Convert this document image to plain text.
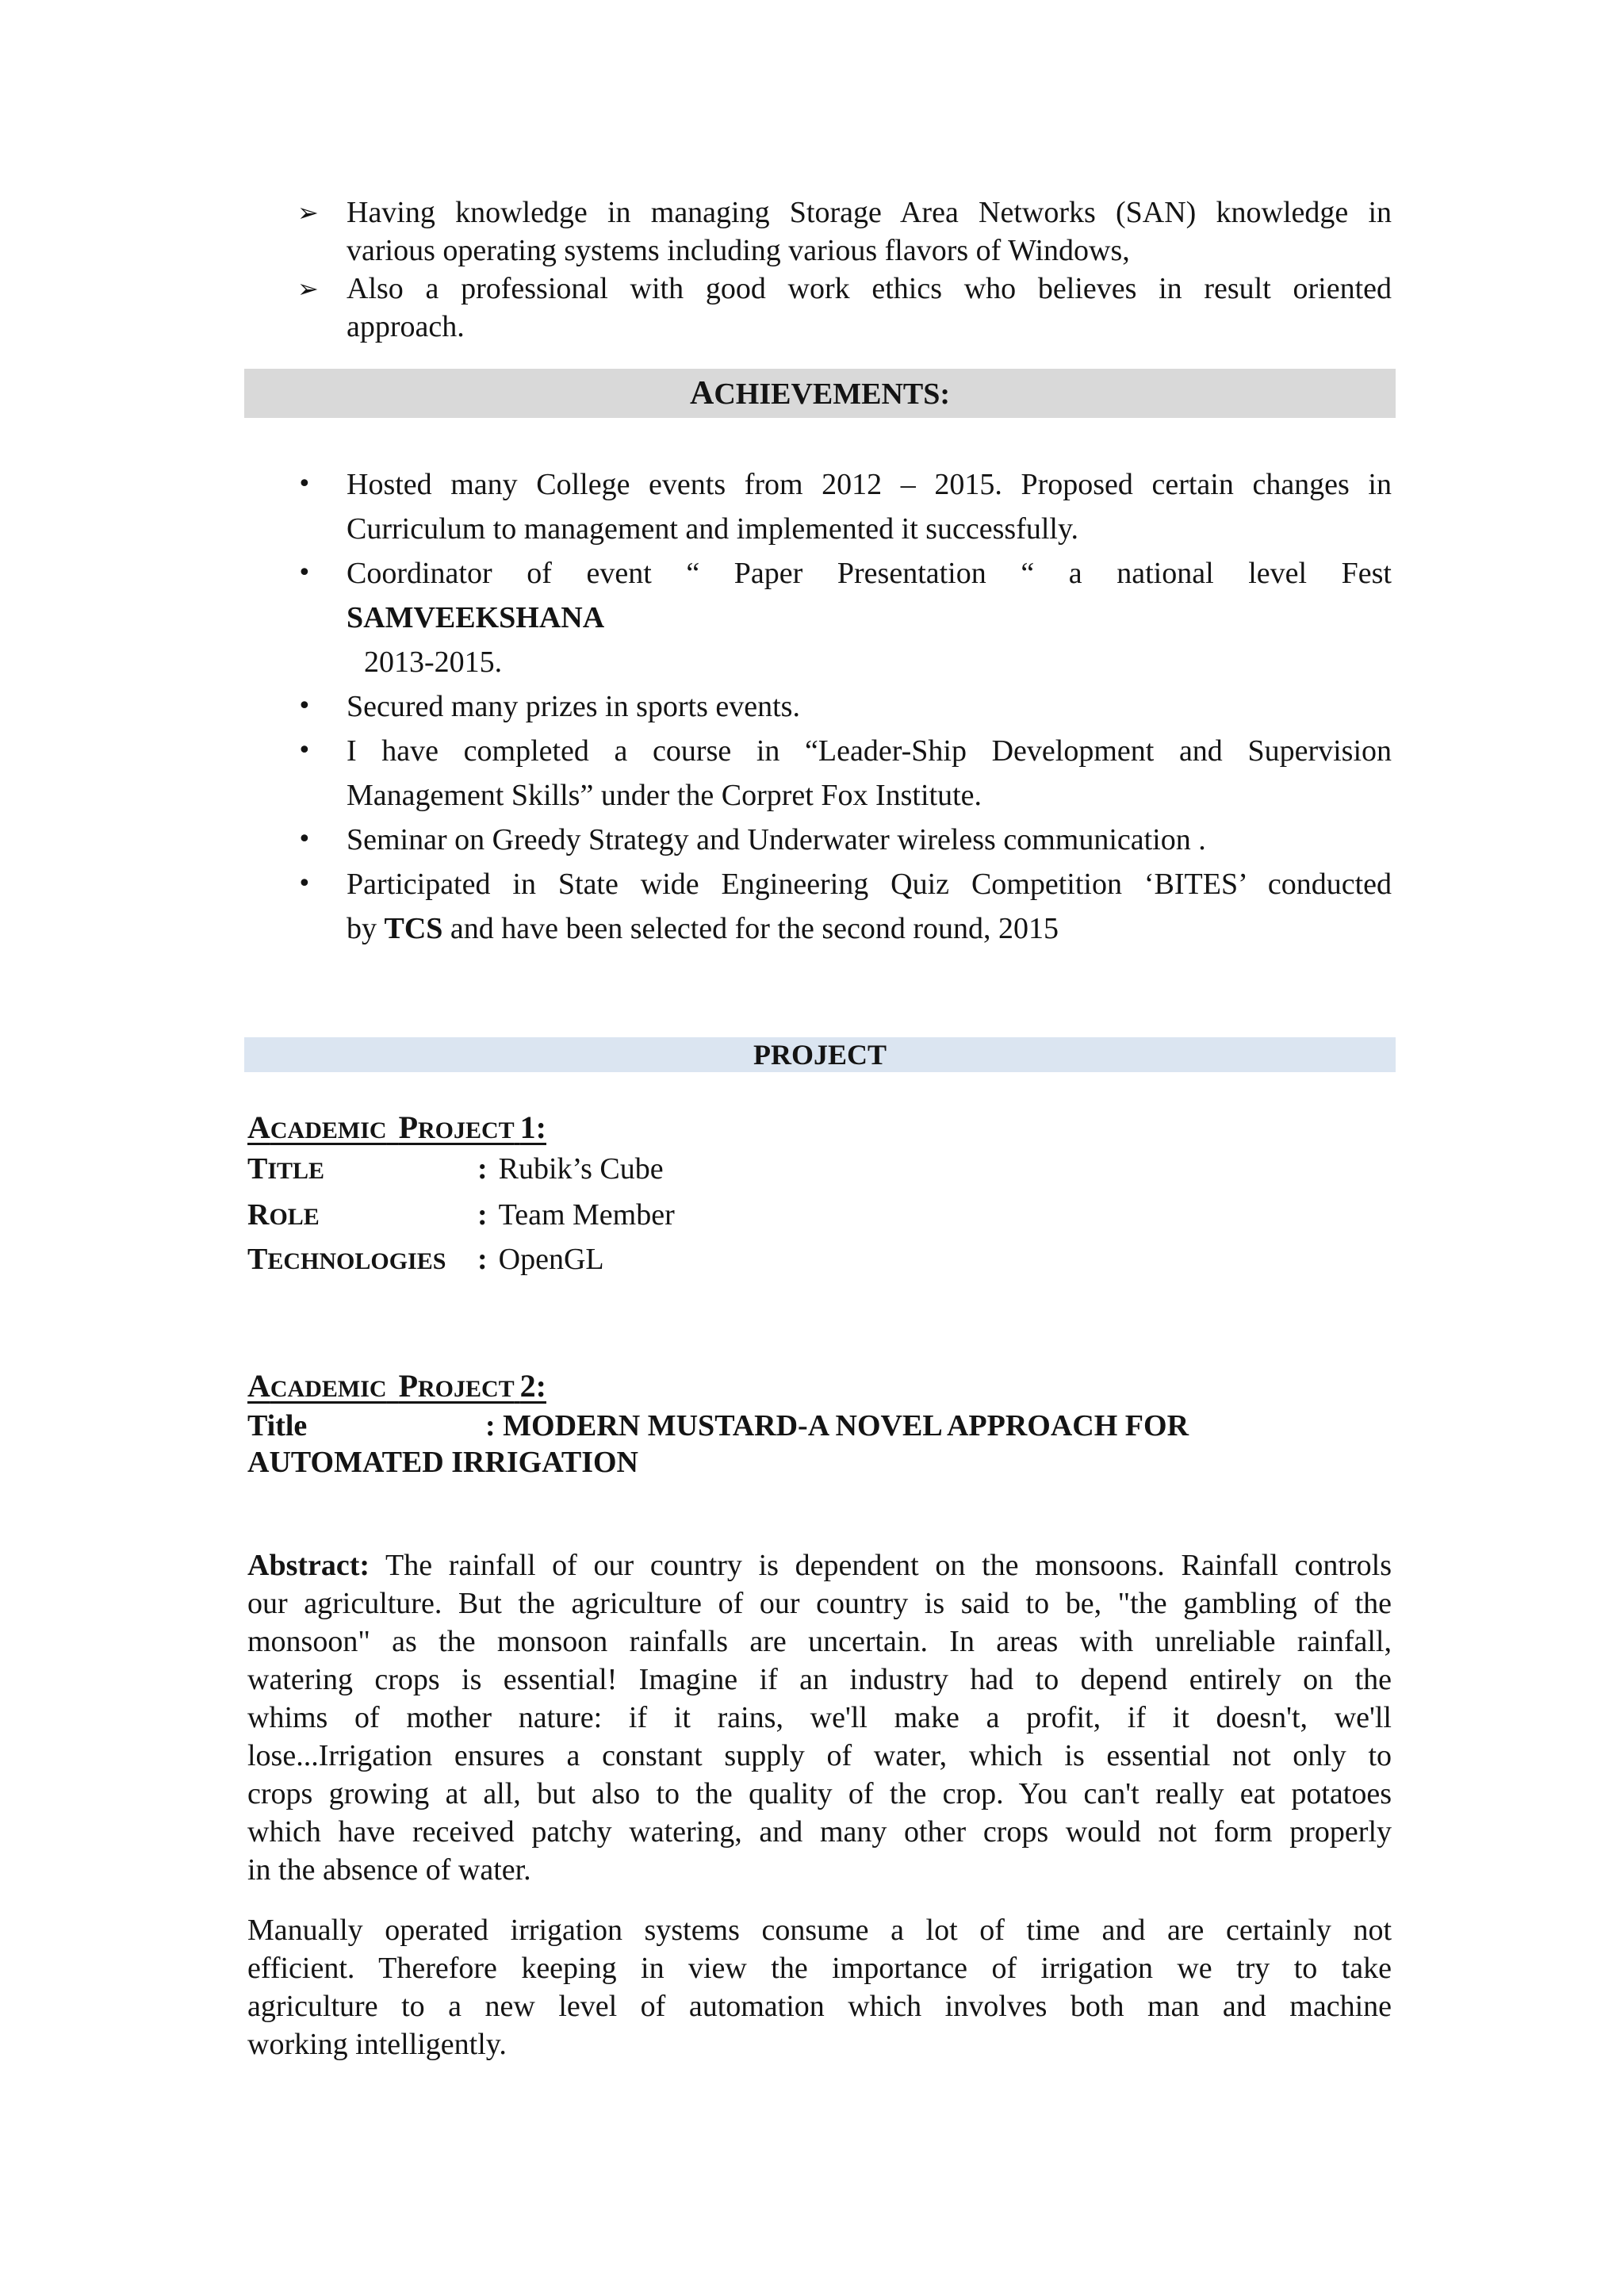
➢ Having knowledge in managing Storage Area Networks (SAN) knowledge in
various operating systems including various flavors of Windows,
➢ Also a professional with good work ethics who believes in result oriented
approach.
ACHIEVEMENTS:
• Hosted many College events from 2012 – 2015. Proposed certain changes in
Curriculum to management and implemented it successfully.
• Coordinator of event “ Paper Presentation “ a national level Fest
SAMVEEKSHANA
2013-2015.
• Secured many prizes in sports events.
• I have completed a course in “Leader-Ship Development and Supervision
Management Skills” under the Corpret Fox Institute.
• Seminar on Greedy Strategy and Underwater wireless communication .
• Participated in State wide Engineering Quiz Competition ‘BITES’ conducted
by TCS and have been selected for the second round, 2015
PROJECT
ACADEMIC PROJECT 1:
TITLE	: Rubik’s Cube
ROLE	: Team Member
TECHNOLOGIES : OpenGL
ACADEMIC PROJECT 2:
Title	: MODERN MUSTARD-A NOVEL APPROACH FOR
AUTOMATED IRRIGATION
Abstract: The rainfall of our country is dependent on the monsoons. Rainfall controls
our agriculture. But the agriculture of our country is said to be, "the gambling of the
monsoon" as the monsoon rainfalls are uncertain. In areas with unreliable rainfall,
watering crops is essential! Imagine if an industry had to depend entirely on the
whims of mother nature: if it rains, we'll make a profit, if it doesn't, we'll
lose...Irrigation ensures a constant supply of water, which is essential not only to
crops growing at all, but also to the quality of the crop. You can't really eat potatoes
which have received patchy watering, and many other crops would not form properly
in the absence of water.
Manually operated irrigation systems consume a lot of time and are certainly not
efficient. Therefore keeping in view the importance of irrigation we try to take
agriculture to a new level of automation which involves both man and machine
working intelligently.
